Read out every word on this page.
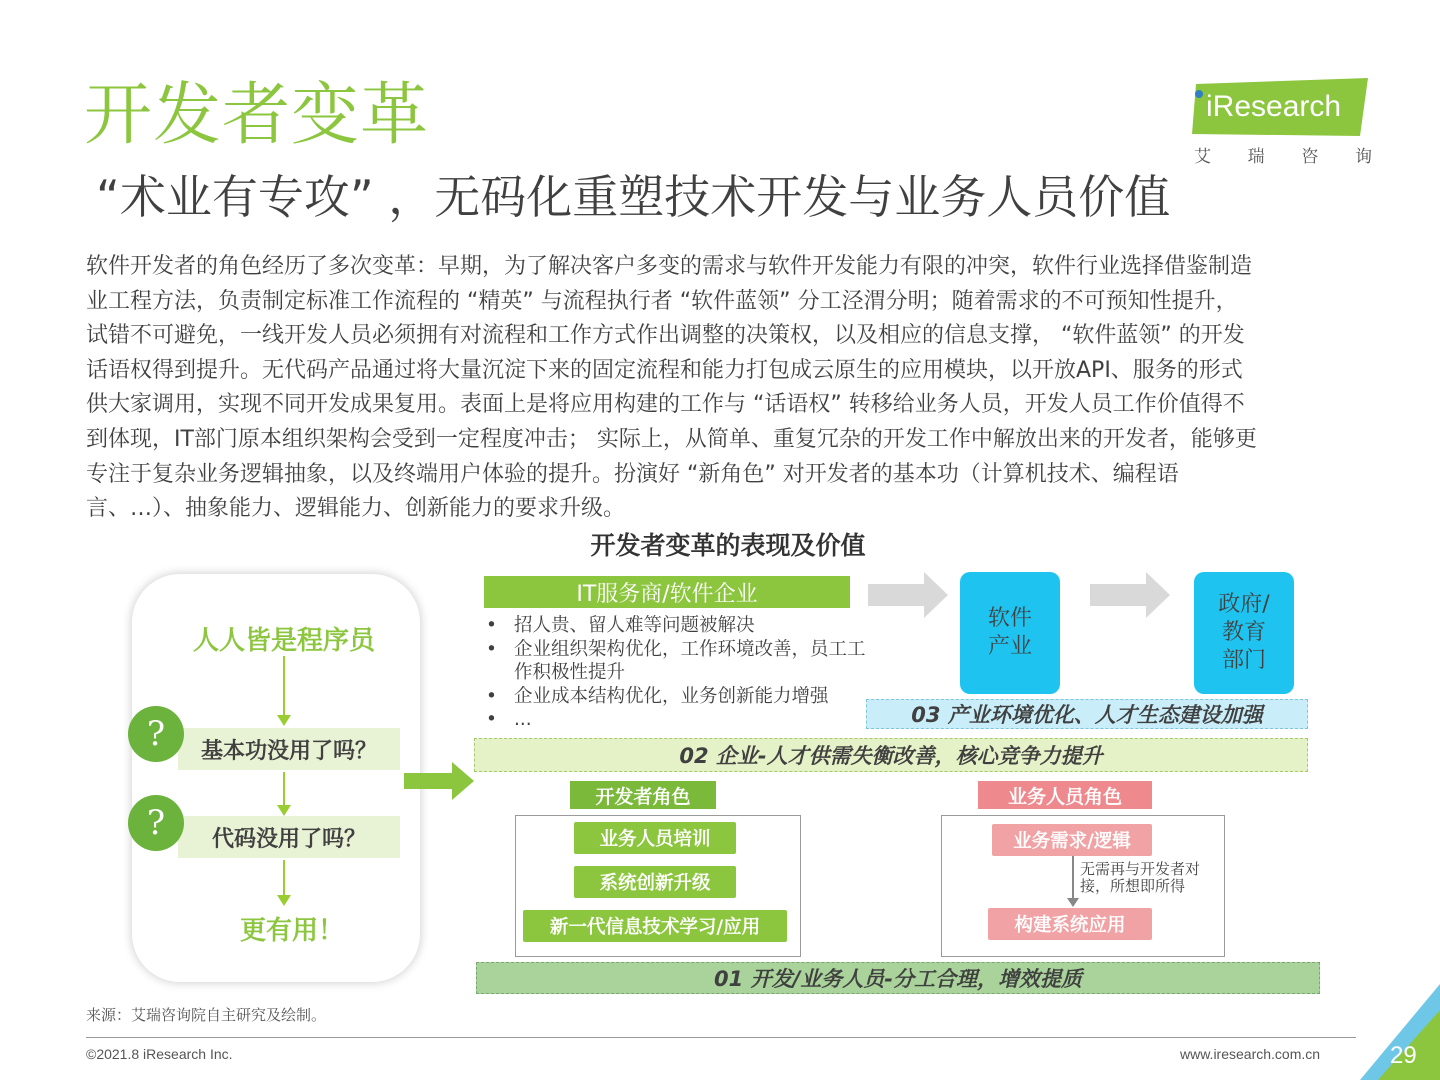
开发者变革
“术业有专攻” ，无码化重塑技术开发与业务人员价值
iResearch
艾 瑞 咨 询

软件开发者的角色经历了多次变革：早期，为了解决客户多变的需求与软件开发能力有限的冲突，软件行业选择借鉴制造

业工程方法，负责制定标准工作流程的 “精英” 与流程执行者 “软件蓝领” 分工泾渭分明；随着需求的不可预知性提升，

试错不可避免，一线开发人员必须拥有对流程和工作方式作出调整的决策权，以及相应的信息支撑， “软件蓝领” 的开发

话语权得到提升。无代码产品通过将大量沉淀下来的固定流程和能力打包成云原生的应用模块，以开放API、服务的形式

供大家调用，实现不同开发成果复用。表面上是将应用构建的工作与 “话语权” 转移给业务人员，开发人员工作价值得不

到体现，IT部门原本组织架构会受到一定程度冲击； 实际上，从简单、重复冗杂的开发工作中解放出来的开发者，能够更

专注于复杂业务逻辑抽象，以及终端用户体验的提升。扮演好 “新角色” 对开发者的基本功（计算机技术、编程语

言、…）、抽象能力、逻辑能力、创新能力的要求升级。

开发者变革的表现及价值
人人皆是程序员
基本功没用了吗？
?
代码没用了吗？
?
更有用！
IT服务商/软件企业
• 招人贵、留人难等问题被解决
• 企业组织架构优化，工作环境改善，员工工作积极性提升
• 企业成本结构优化，业务创新能力增强
• ...
软件
产业
政府/
教育
部门
03 产业环境优化、人才生态建设加强
02 企业-人才供需失衡改善，核心竞争力提升
开发者角色
业务人员培训
系统创新升级
新一代信息技术学习/应用
业务人员角色
业务需求/逻辑
无需再与开发者对
接，所想即所得
构建系统应用
01 开发/业务人员-分工合理，增效提质
来源：艾瑞咨询院自主研究及绘制。
©2021.8 iResearch Inc.	www.iresearch.com.cn	29
